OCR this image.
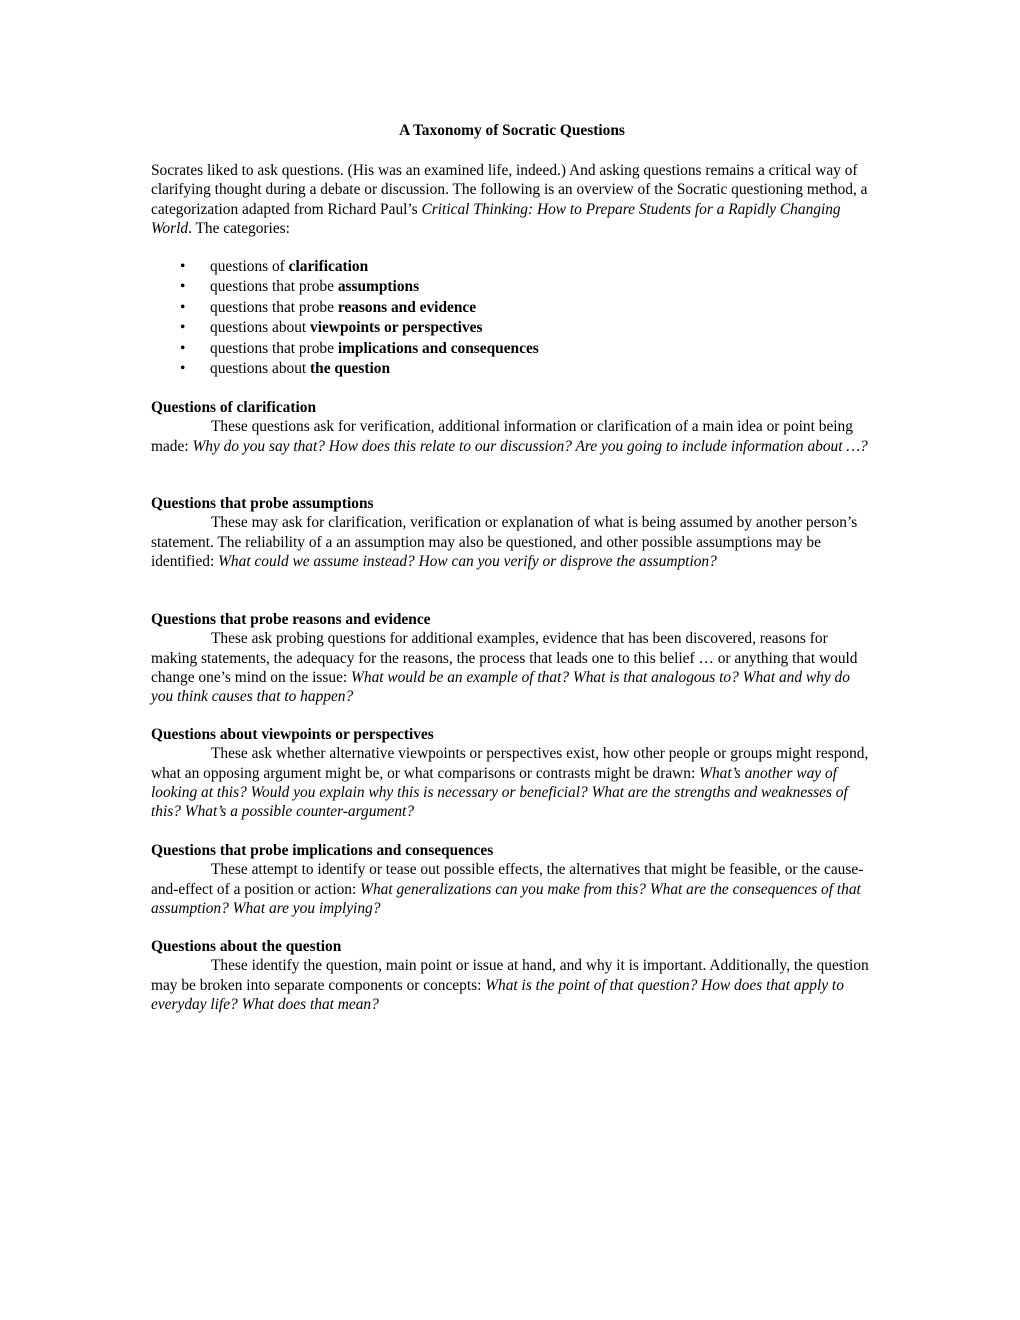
A Taxonomy of Socratic Questions
Socrates liked to ask questions. (His was an examined life, indeed.) And asking questions remains a critical way of clarifying thought during a debate or discussion. The following is an overview of the Socratic questioning method, a categorization adapted from Richard Paul’s Critical Thinking: How to Prepare Students for a Rapidly Changing World. The categories:
• questions of clarification
• questions that probe assumptions
• questions that probe reasons and evidence
• questions about viewpoints or perspectives
• questions that probe implications and consequences
• questions about the question
Questions of clarification

These questions ask for verification, additional information or clarification of a main idea or point being made: Why do you say that? How does this relate to our discussion? Are you going to include information about …?

Questions that probe assumptions

These may ask for clarification, verification or explanation of what is being assumed by another person’s statement. The reliability of a an assumption may also be questioned, and other possible assumptions may be identified: What could we assume instead? How can you verify or disprove the assumption?

Questions that probe reasons and evidence

These ask probing questions for additional examples, evidence that has been discovered, reasons for making statements, the adequacy for the reasons, the process that leads one to this belief … or anything that would change one’s mind on the issue: What would be an example of that? What is that analogous to? What and why do you think causes that to happen?

Questions about viewpoints or perspectives

These ask whether alternative viewpoints or perspectives exist, how other people or groups might respond, what an opposing argument might be, or what comparisons or contrasts might be drawn: What’s another way of looking at this? Would you explain why this is necessary or beneficial? What are the strengths and weaknesses of this? What’s a possible counter-argument?

Questions that probe implications and consequences

These attempt to identify or tease out possible effects, the alternatives that might be feasible, or the cause-and-effect of a position or action: What generalizations can you make from this? What are the consequences of that assumption? What are you implying?

Questions about the question

These identify the question, main point or issue at hand, and why it is important. Additionally, the question may be broken into separate components or concepts: What is the point of that question? How does that apply to everyday life? What does that mean?
